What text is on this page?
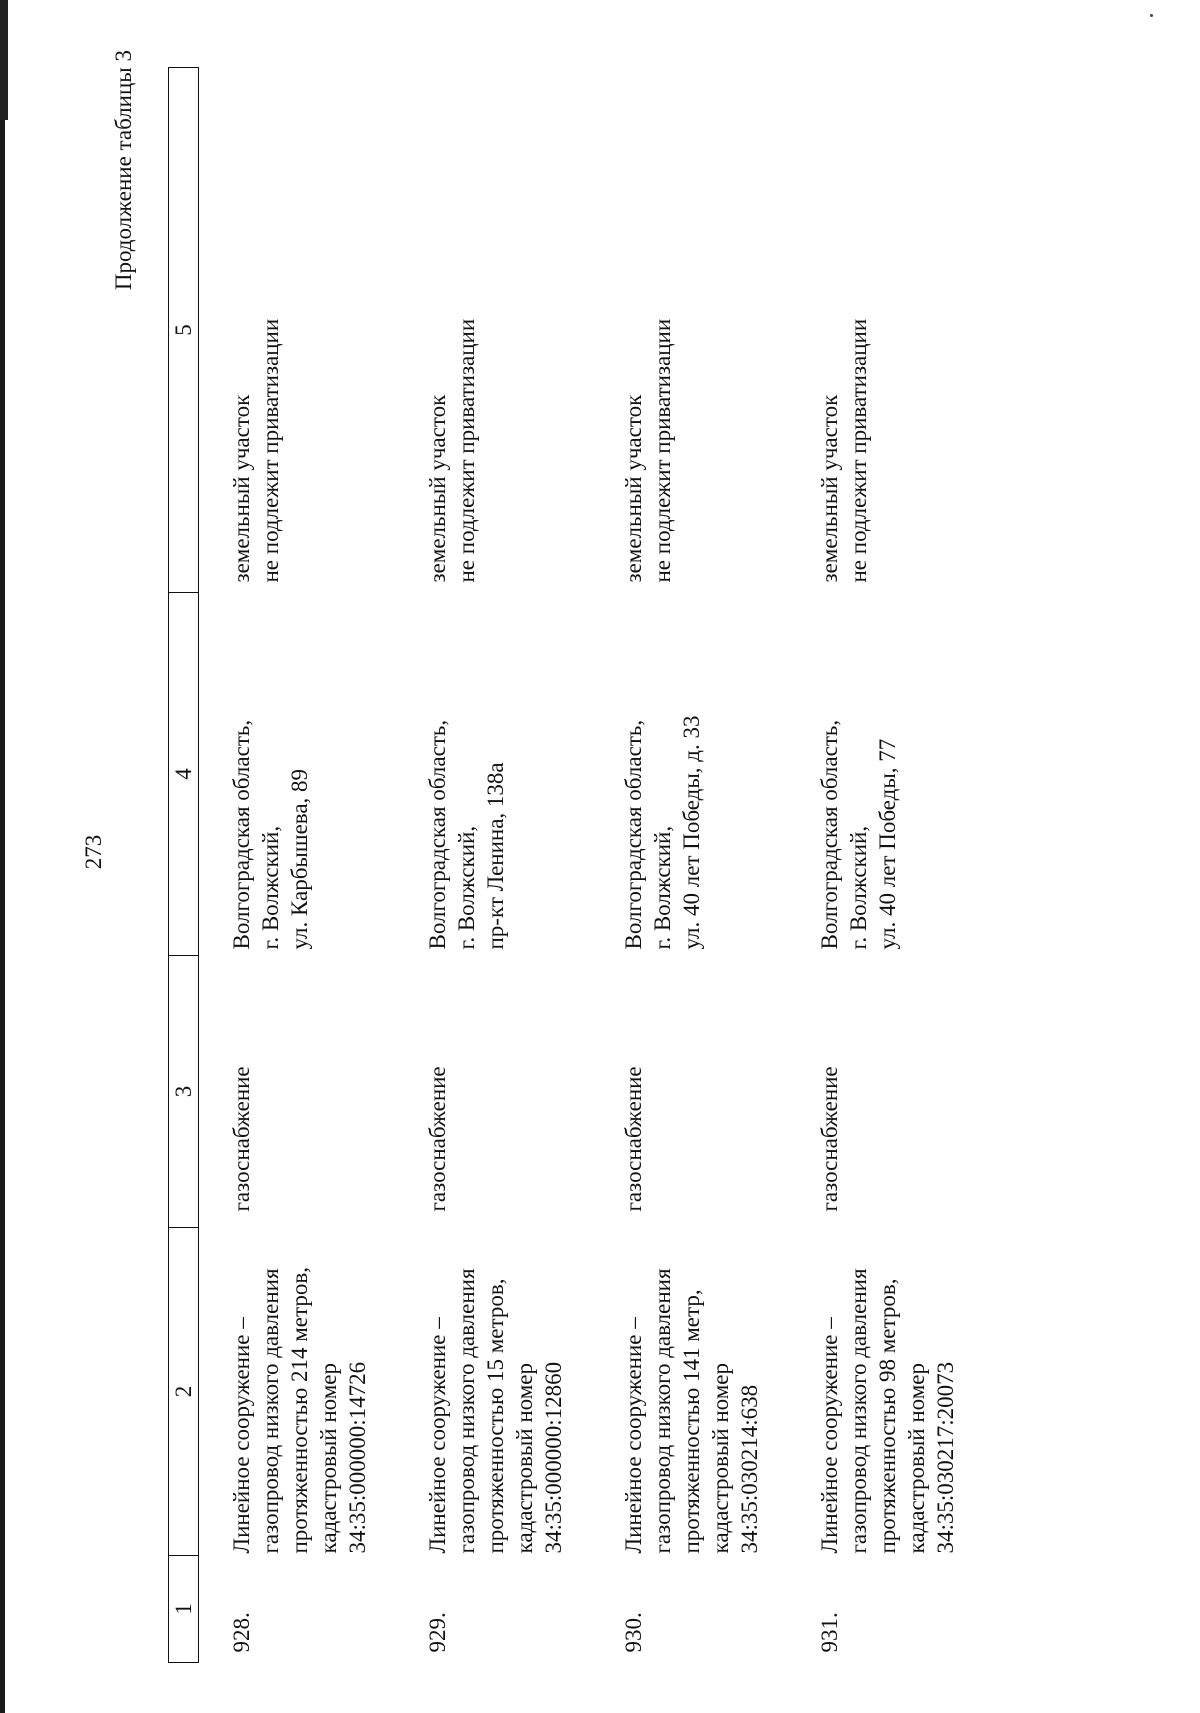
273
Продолжение таблицы 3
1	2	3	4	5
928.	Линейное сооружение –
газопровод низкого давления
протяженностью 214 метров,
кадастровый номер
34:35:000000:14726	газоснабжение	Волгоградская область,
г. Волжский,
ул. Карбышева, 89	земельный участок
не подлежит приватизации
929.	Линейное сооружение –
газопровод низкого давления
протяженностью 15 метров,
кадастровый номер
34:35:000000:12860	газоснабжение	Волгоградская область,
г. Волжский,
пр-кт Ленина, 138а	земельный участок
не подлежит приватизации
930.	Линейное сооружение –
газопровод низкого давления
протяженностью 141 метр,
кадастровый номер
34:35:030214:638	газоснабжение	Волгоградская область,
г. Волжский,
ул. 40 лет Победы, д. 33	земельный участок
не подлежит приватизации
931.	Линейное сооружение –
газопровод низкого давления
протяженностью 98 метров,
кадастровый номер
34:35:030217:20073	газоснабжение	Волгоградская область,
г. Волжский,
ул. 40 лет Победы, 77	земельный участок
не подлежит приватизации
